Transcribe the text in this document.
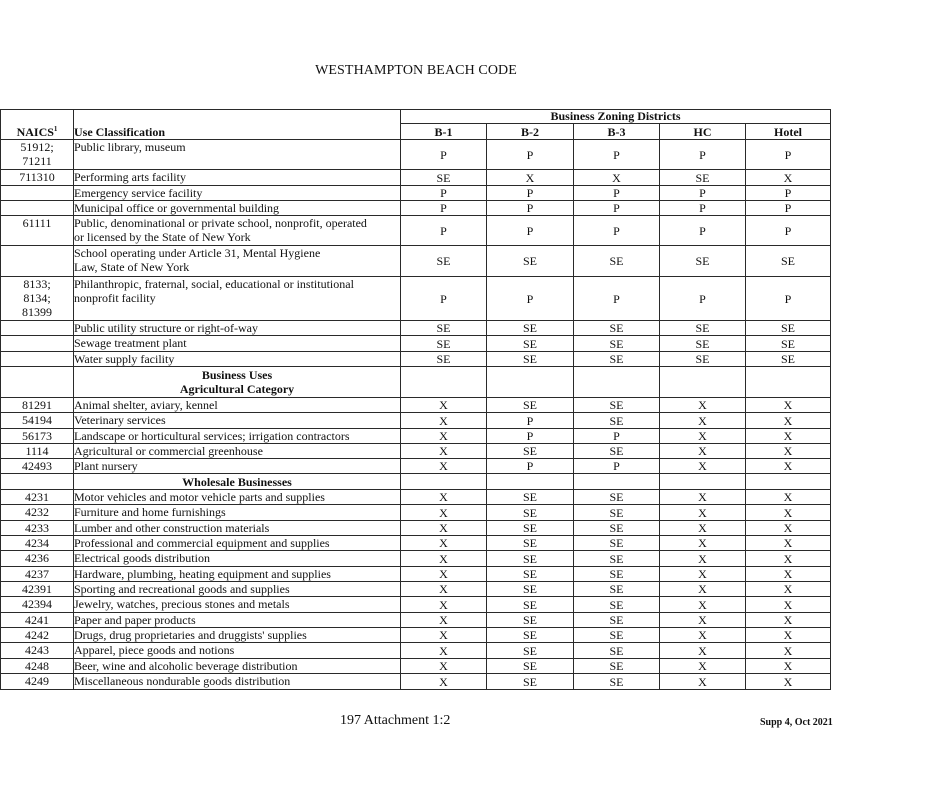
WESTHAMPTON BEACH CODE
NAICS$^1$	Use Classification	Business Zoning Districts				
		B-1	B-2	B-3	HC	Hotel
51912;
71211	Public library, museum	P	P	P	P	P
711310	Performing arts facility	SE	X	X	SE	X
	Emergency service facility	P	P	P	P	P
	Municipal office or governmental building	P	P	P	P	P
61111	Public, denominational or private school, nonprofit, operated
or licensed by the State of New York	P	P	P	P	P
	School operating under Article 31, Mental Hygiene
Law, State of New York	SE	SE	SE	SE	SE
8133;
8134;
81399	Philanthropic, fraternal, social, educational or institutional
nonprofit facility	P	P	P	P	P
	Public utility structure or right-of-way	SE	SE	SE	SE	SE
	Sewage treatment plant	SE	SE	SE	SE	SE
	Water supply facility	SE	SE	SE	SE	SE
	Business Uses
Agricultural Category					
81291	Animal shelter, aviary, kennel	X	SE	SE	X	X
54194	Veterinary services	X	P	SE	X	X
56173	Landscape or horticultural services; irrigation contractors	X	P	P	X	X
1114	Agricultural or commercial greenhouse	X	SE	SE	X	X
42493	Plant nursery	X	P	P	X	X
	Wholesale Businesses					
4231	Motor vehicles and motor vehicle parts and supplies	X	SE	SE	X	X
4232	Furniture and home furnishings	X	SE	SE	X	X
4233	Lumber and other construction materials	X	SE	SE	X	X
4234	Professional and commercial equipment and supplies	X	SE	SE	X	X
4236	Electrical goods distribution	X	SE	SE	X	X
4237	Hardware, plumbing, heating equipment and supplies	X	SE	SE	X	X
42391	Sporting and recreational goods and supplies	X	SE	SE	X	X
42394	Jewelry, watches, precious stones and metals	X	SE	SE	X	X
4241	Paper and paper products	X	SE	SE	X	X
4242	Drugs, drug proprietaries and druggists' supplies	X	SE	SE	X	X
4243	Apparel, piece goods and notions	X	SE	SE	X	X
4248	Beer, wine and alcoholic beverage distribution	X	SE	SE	X	X
4249	Miscellaneous nondurable goods distribution	X	SE	SE	X	X
197 Attachment 1:2	Supp 4, Oct 2021
